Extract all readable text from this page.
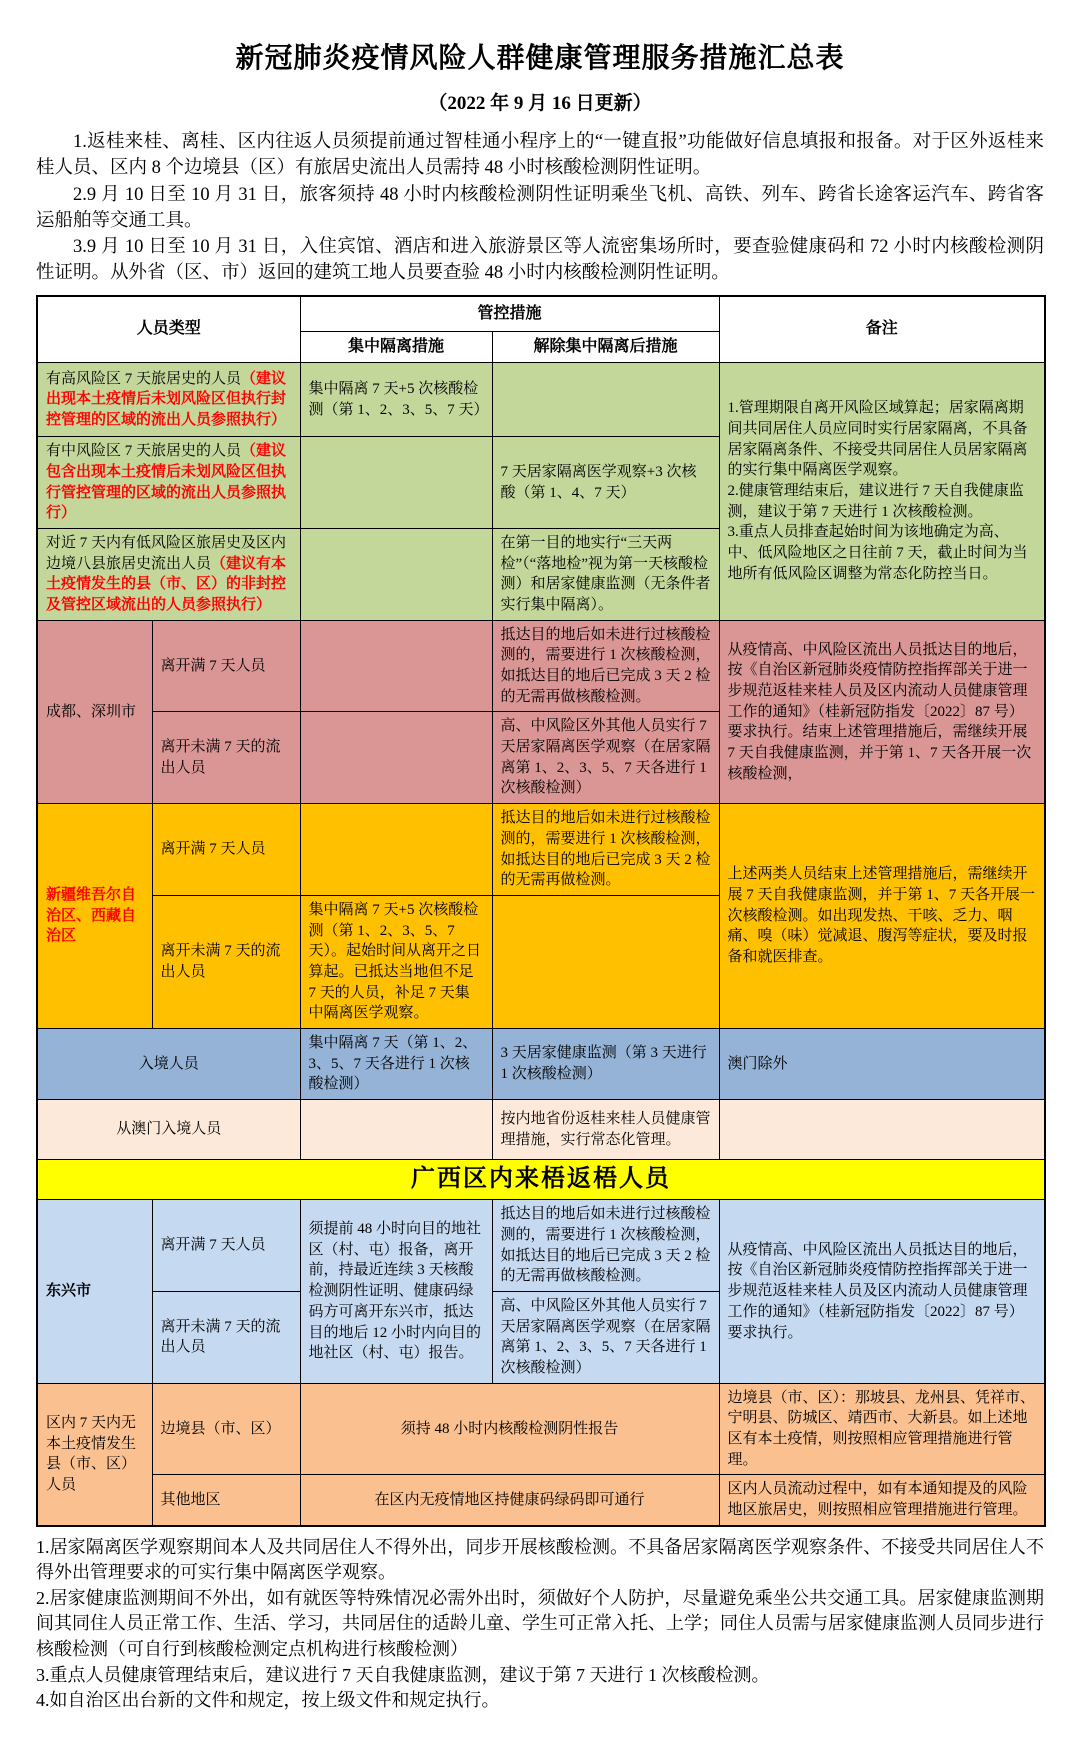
新冠肺炎疫情风险人群健康管理服务措施汇总表
（2022 年 9 月 16 日更新）

1.返桂来桂、离桂、区内往返人员须提前通过智桂通小程序上的“一键直报”功能做好信息填报和报备。对于区外返桂来桂人员、区内 8 个边境县（区）有旅居史流出人员需持 48 小时核酸检测阴性证明。

2.9 月 10 日至 10 月 31 日，旅客须持 48 小时内核酸检测阴性证明乘坐飞机、高铁、列车、跨省长途客运汽车、跨省客运船舶等交通工具。

3.9 月 10 日至 10 月 31 日，入住宾馆、酒店和进入旅游景区等人流密集场所时，要查验健康码和 72 小时内核酸检测阴性证明。从外省（区、市）返回的建筑工地人员要查验 48 小时内核酸检测阴性证明。

人员类型		管控措施		备注
		集中隔离措施	解除集中隔离后措施	
有高风险区 7 天旅居史的人员（建议出现本土疫情后未划风险区但执行封控管理的区域的流出人员参照执行）		集中隔离 7 天+5 次核酸检测（第 1、2、3、5、7 天）		1.管理期限自离开风险区域算起；居家隔离期间共同居住人员应同时实行居家隔离，不具备居家隔离条件、不接受共同居住人员居家隔离的实行集中隔离医学观察。
2.健康管理结束后，建议进行 7 天自我健康监测，建议于第 7 天进行 1 次核酸检测。
3.重点人员排查起始时间为该地确定为高、中、低风险地区之日往前 7 天，截止时间为当地所有低风险区调整为常态化防控当日。

有中风险区 7 天旅居史的人员（建议包含出现本土疫情后未划风险区但执行管控管理的区域的流出人员参照执行）			7 天居家隔离医学观察+3 次核酸（第 1、4、7 天）	
对近 7 天内有低风险区旅居史及区内边境八县旅居史流出人员（建议有本土疫情发生的县（市、区）的非封控及管控区域流出的人员参照执行）			在第一目的地实行“三天两检”（“落地检”视为第一天核酸检测）和居家健康监测（无条件者实行集中隔离）。	
成都、深圳市	离开满 7 天人员		抵达目的地后如未进行过核酸检测的，需要进行 1 次核酸检测，如抵达目的地后已完成 3 天 2 检的无需再做核酸检测。	从疫情高、中风险区流出人员抵达目的地后，按《自治区新冠肺炎疫情防控指挥部关于进一步规范返桂来桂人员及区内流动人员健康管理工作的通知》（桂新冠防指发〔2022〕87 号）要求执行。结束上述管理措施后，需继续开展 7 天自我健康监测，并于第 1、7 天各开展一次核酸检测，
	离开未满 7 天的流出人员		高、中风险区外其他人员实行 7 天居家隔离医学观察（在居家隔离第 1、2、3、5、7 天各进行 1 次核酸检测）	
新疆维吾尔自治区、西藏自治区	离开满 7 天人员		抵达目的地后如未进行过核酸检测的，需要进行 1 次核酸检测，如抵达目的地后已完成 3 天 2 检的无需再做检测。	上述两类人员结束上述管理措施后，需继续开展 7 天自我健康监测，并于第 1、7 天各开展一次核酸检测。如出现发热、干咳、乏力、咽痛、嗅（味）觉减退、腹泻等症状，要及时报备和就医排查。
	离开未满 7 天的流出人员	集中隔离 7 天+5 次核酸检测（第 1、2、3、5、7 天）。起始时间从离开之日算起。已抵达当地但不足 7 天的人员，补足 7 天集中隔离医学观察。		
入境人员		集中隔离 7 天（第 1、2、3、5、7 天各进行 1 次核酸检测）	3 天居家健康监测（第 3 天进行 1 次核酸检测）	澳门除外
从澳门入境人员			按内地省份返桂来桂人员健康管理措施，实行常态化管理。	
广西区内来梧返梧人员				
东兴市	离开满 7 天人员	须提前 48 小时向目的地社区（村、屯）报备，离开前，持最近连续 3 天核酸检测阴性证明、健康码绿码方可离开东兴市，抵达目的地后 12 小时内向目的地社区（村、屯）报告。	抵达目的地后如未进行过核酸检测的，需要进行 1 次核酸检测，如抵达目的地后已完成 3 天 2 检的无需再做核酸检测。	从疫情高、中风险区流出人员抵达目的地后，按《自治区新冠肺炎疫情防控指挥部关于进一步规范返桂来桂人员及区内流动人员健康管理工作的通知》（桂新冠防指发〔2022〕87 号）要求执行。
	离开未满 7 天的流出人员		高、中风险区外其他人员实行 7 天居家隔离医学观察（在居家隔离第 1、2、3、5、7 天各进行 1 次核酸检测）	
区内 7 天内无本土疫情发生县（市、区）人员	边境县（市、区）	须持 48 小时内核酸检测阴性报告		边境县（市、区）：那坡县、龙州县、凭祥市、宁明县、防城区、靖西市、大新县。如上述地区有本土疫情，则按照相应管理措施进行管理。
	其他地区	在区内无疫情地区持健康码绿码即可通行		区内人员流动过程中，如有本通知提及的风险地区旅居史，则按照相应管理措施进行管理。

1.居家隔离医学观察期间本人及共同居住人不得外出，同步开展核酸检测。不具备居家隔离医学观察条件、不接受共同居住人不得外出管理要求的可实行集中隔离医学观察。

2.居家健康监测期间不外出，如有就医等特殊情况必需外出时，须做好个人防护，尽量避免乘坐公共交通工具。居家健康监测期间其同住人员正常工作、生活、学习，共同居住的适龄儿童、学生可正常入托、上学；同住人员需与居家健康监测人员同步进行核酸检测（可自行到核酸检测定点机构进行核酸检测）

3.重点人员健康管理结束后，建议进行 7 天自我健康监测，建议于第 7 天进行 1 次核酸检测。

4.如自治区出台新的文件和规定，按上级文件和规定执行。
